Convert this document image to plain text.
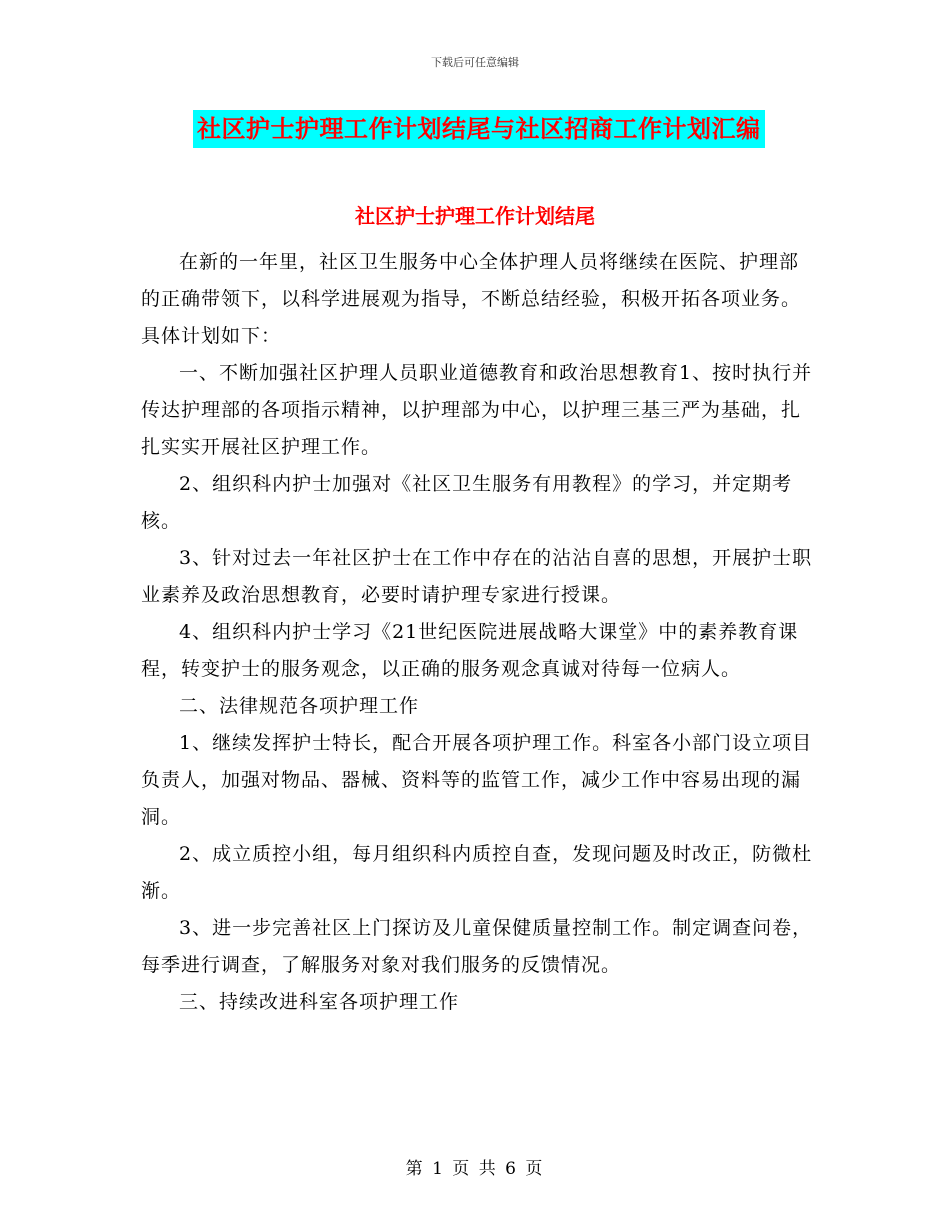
下载后可任意编辑
社区护士护理工作计划结尾与社区招商工作计划汇编
社区护士护理工作计划结尾

在新的一年里，社区卫生服务中心全体护理人员将继续在医院、护理部的正确带领下，以科学进展观为指导，不断总结经验，积极开拓各项业务。具体计划如下：

一、不断加强社区护理人员职业道德教育和政治思想教育1、按时执行并传达护理部的各项指示精神，以护理部为中心，以护理三基三严为基础，扎扎实实开展社区护理工作。

2、组织科内护士加强对《社区卫生服务有用教程》的学习，并定期考核。

3、针对过去一年社区护士在工作中存在的沾沾自喜的思想，开展护士职业素养及政治思想教育，必要时请护理专家进行授课。

4、组织科内护士学习《21世纪医院进展战略大课堂》中的素养教育课程，转变护士的服务观念，以正确的服务观念真诚对待每一位病人。

二、法律规范各项护理工作

1、继续发挥护士特长，配合开展各项护理工作。科室各小部门设立项目负责人，加强对物品、器械、资料等的监管工作，减少工作中容易出现的漏洞。

2、成立质控小组，每月组织科内质控自查，发现问题及时改正，防微杜渐。

3、进一步完善社区上门探访及儿童保健质量控制工作。制定调查问卷，每季进行调查，了解服务对象对我们服务的反馈情况。

三、持续改进科室各项护理工作

第 1 页 共 6 页
